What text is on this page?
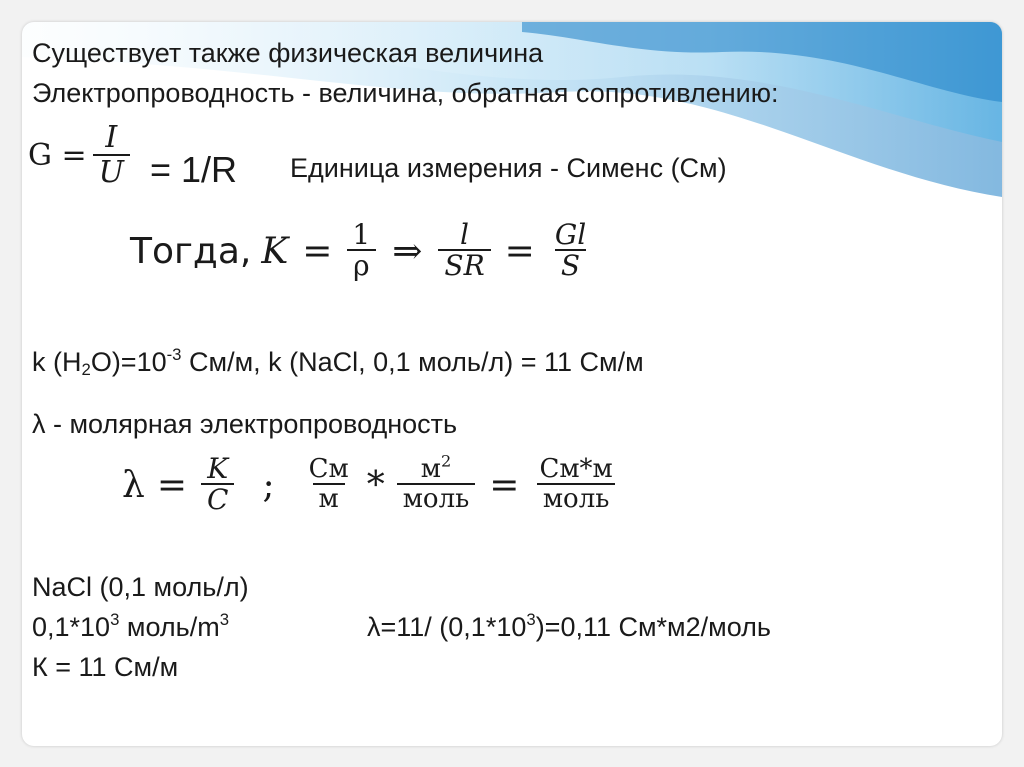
Существует также физическая величина
Электропроводность - величина, обратная сопротивлению:
$G = \frac{I}{U} = 1/R$ Единица измерения - Сименс (См)
Тогда, $K = \frac{1}{\rho}$ ⇒ $\frac{l}{SR} = \frac{Gl}{S}$
k $(H_2O)=10^{-3}$ См/м, k (NaCl, 0,1 моль/л) = 11 См/м
λ - молярная электропроводность
$\lambda = \frac{K}{C}$ ; $\frac{См}{м} * \frac{м^2}{\text{моль}} = \frac{См*м}{\text{моль}}$
NaCl (0,1 моль/л)
$0,1*10^3$ моль/$m^3$	λ=11/ $(0,1*10^3)=0,11$ См*м2/моль
К = 11 См/м
